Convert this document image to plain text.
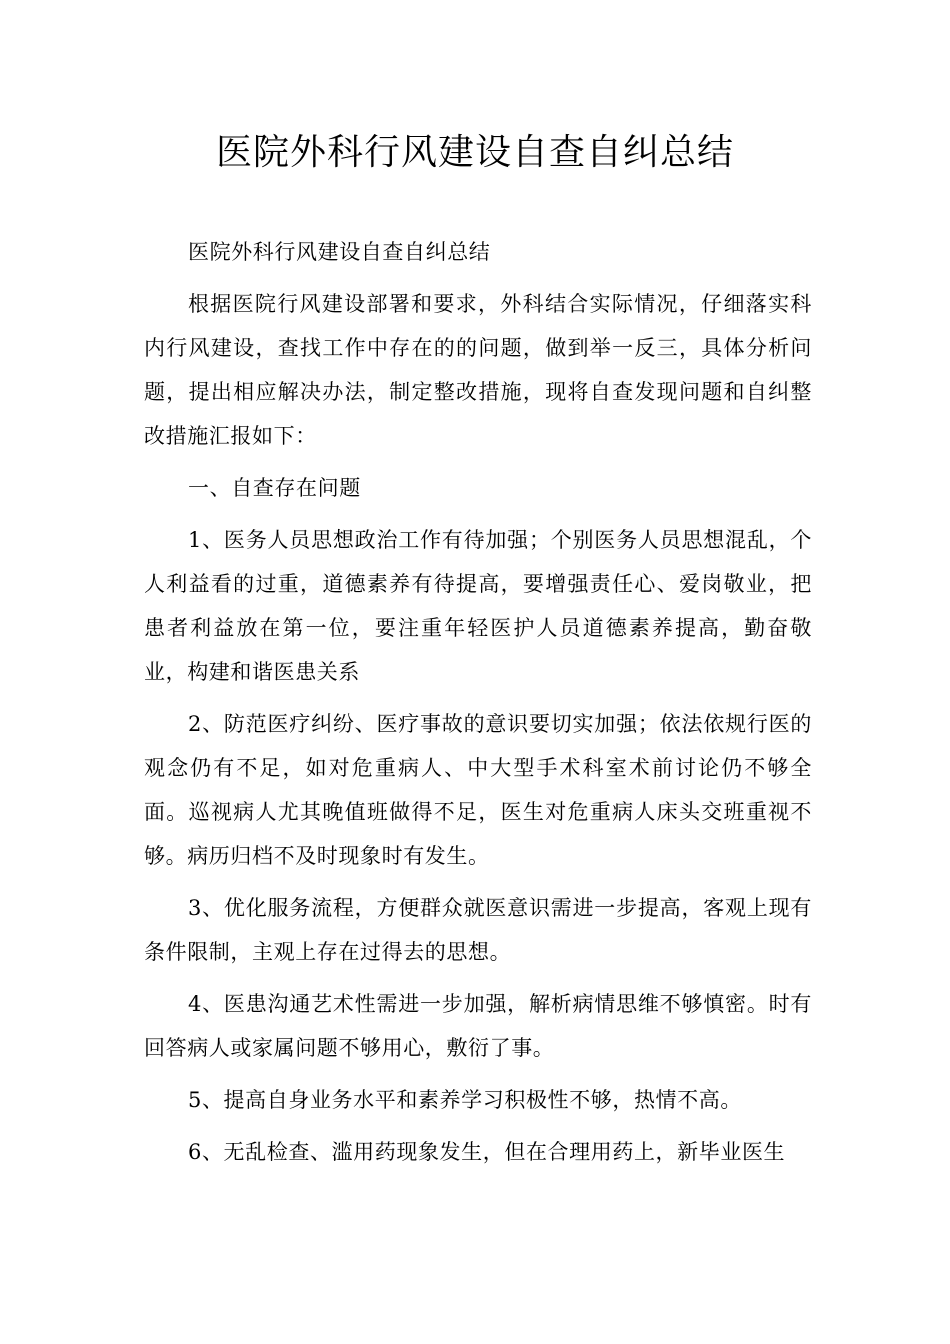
医院外科行风建设自查自纠总结

医院外科行风建设自查自纠总结

根据医院行风建设部署和要求，外科结合实际情况，仔细落实科内行风建设，查找工作中存在的的问题，做到举一反三，具体分析问题，提出相应解决办法，制定整改措施，现将自查发现问题和自纠整改措施汇报如下：

一、自查存在问题

1、医务人员思想政治工作有待加强；个别医务人员思想混乱，个人利益看的过重，道德素养有待提高，要增强责任心、爱岗敬业，把患者利益放在第一位，要注重年轻医护人员道德素养提高，勤奋敬业，构建和谐医患关系

2、防范医疗纠纷、医疗事故的意识要切实加强；依法依规行医的观念仍有不足，如对危重病人、中大型手术科室术前讨论仍不够全面。巡视病人尤其晚值班做得不足，医生对危重病人床头交班重视不够。病历归档不及时现象时有发生。

3、优化服务流程，方便群众就医意识需进一步提高，客观上现有条件限制，主观上存在过得去的思想。

4、医患沟通艺术性需进一步加强，解析病情思维不够慎密。时有回答病人或家属问题不够用心，敷衍了事。

5、提高自身业务水平和素养学习积极性不够，热情不高。

6、无乱检查、滥用药现象发生，但在合理用药上，新毕业医生
